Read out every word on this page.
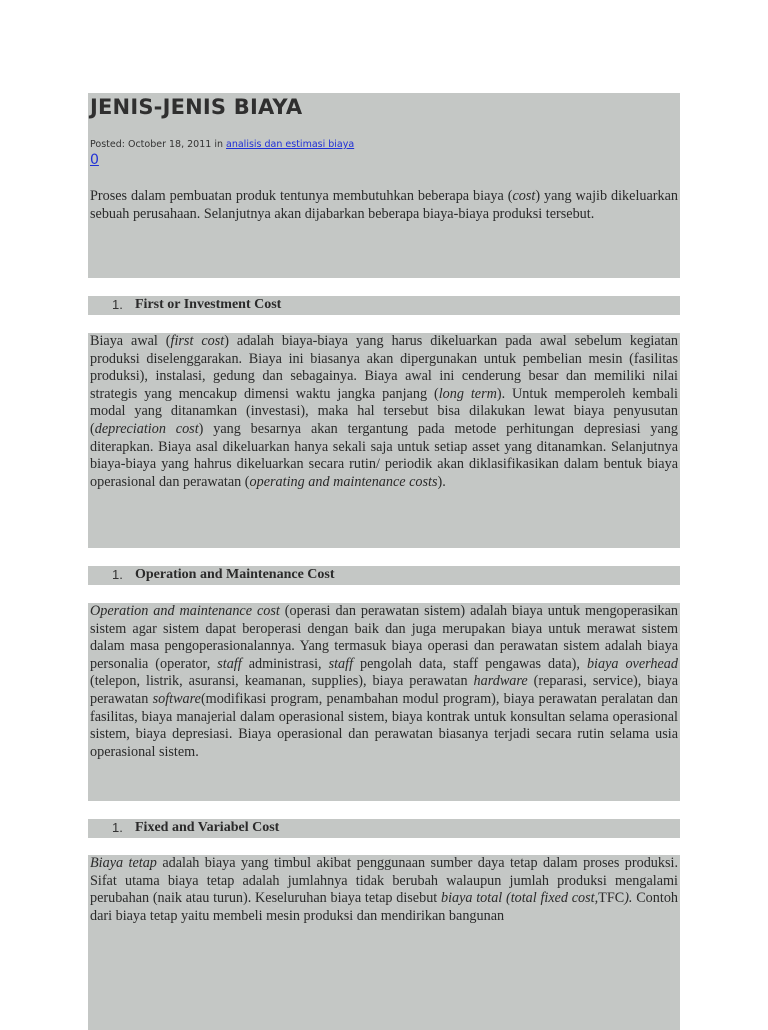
JENIS-JENIS BIAYA
Posted: October 18, 2011 in analisis dan estimasi biaya
0
Proses dalam pembuatan produk tentunya membutuhkan beberapa biaya (cost) yang wajib dikeluarkan sebuah perusahaan. Selanjutnya akan dijabarkan beberapa biaya-biaya produksi tersebut.
1. First or Investment Cost
Biaya awal (first cost) adalah biaya-biaya yang harus dikeluarkan pada awal sebelum kegiatan produksi diselenggarakan. Biaya ini biasanya akan dipergunakan untuk pembelian mesin (fasilitas produksi), instalasi, gedung dan sebagainya. Biaya awal ini cenderung besar dan memiliki nilai strategis yang mencakup dimensi waktu jangka panjang (long term). Untuk memperoleh kembali modal yang ditanamkan (investasi), maka hal tersebut bisa dilakukan lewat biaya penyusutan (depreciation cost) yang besarnya akan tergantung pada metode perhitungan depresiasi yang diterapkan. Biaya asal dikeluarkan hanya sekali saja untuk setiap asset yang ditanamkan. Selanjutnya biaya-biaya yang hahrus dikeluarkan secara rutin/ periodik akan diklasifikasikan dalam bentuk biaya operasional dan perawatan (operating and maintenance costs).
1. Operation and Maintenance Cost
Operation and maintenance cost (operasi dan perawatan sistem) adalah biaya untuk mengoperasikan sistem agar sistem dapat beroperasi dengan baik dan juga merupakan biaya untuk merawat sistem dalam masa pengoperasionalannya. Yang termasuk biaya operasi dan perawatan sistem adalah biaya personalia (operator, staff administrasi, staff pengolah data, staff pengawas data), biaya overhead (telepon, listrik, asuransi, keamanan, supplies), biaya perawatan hardware (reparasi, service), biaya perawatan software(modifikasi program, penambahan modul program), biaya perawatan peralatan dan fasilitas, biaya manajerial dalam operasional sistem, biaya kontrak untuk konsultan selama operasional sistem, biaya depresiasi. Biaya operasional dan perawatan biasanya terjadi secara rutin selama usia operasional sistem.
1. Fixed and Variabel Cost
Biaya tetap adalah biaya yang timbul akibat penggunaan sumber daya tetap dalam proses produksi. Sifat utama biaya tetap adalah jumlahnya tidak berubah walaupun jumlah produksi mengalami perubahan (naik atau turun). Keseluruhan biaya tetap disebut biaya total (total fixed cost,TFC). Contoh dari biaya tetap yaitu membeli mesin produksi dan mendirikan bangunan
